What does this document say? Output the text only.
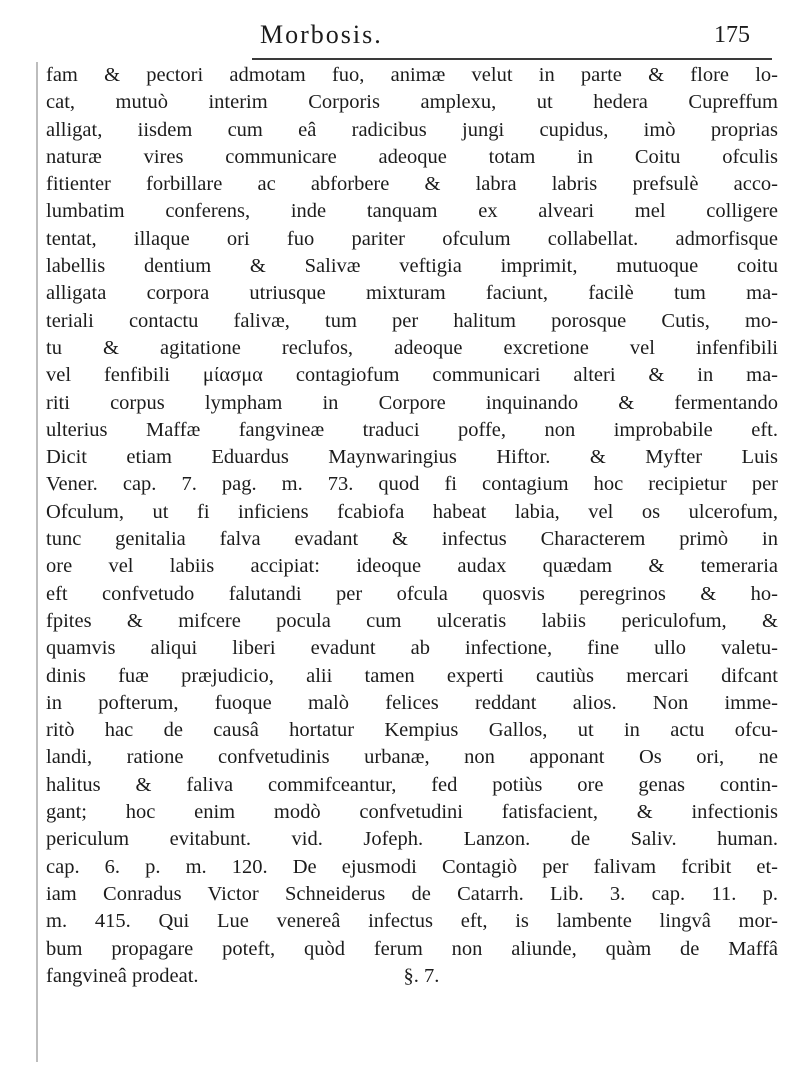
Morbosis.	175
fam & pectori admotam fuo, animæ velut in parte & flore lo-
cat, mutuò interim Corporis amplexu, ut hedera Cupreffum
alligat, iisdem cum eâ radicibus jungi cupidus, imò proprias
naturæ vires communicare adeoque totam in Coitu ofculis
fitienter forbillare ac abforbere & labra labris prefsulè acco-
lumbatim conferens, inde tanquam ex alveari mel colligere
tentat, illaque ori fuo pariter ofculum collabellat. admorfisque
labellis dentium & Salivæ veftigia imprimit, mutuoque coitu
alligata corpora utriusque mixturam faciunt, facilè tum ma-
teriali contactu falivæ, tum per halitum porosque Cutis, mo-
tu & agitatione reclufos, adeoque excretione vel infenfibili
vel fenfibili μίασμα contagiofum communicari alteri & in ma-
riti corpus lympham in Corpore inquinando & fermentando
ulterius Maffæ fangvineæ traduci poffe, non improbabile eft.
Dicit etiam Eduardus Maynwaringius Hiftor. & Myfter Luis
Vener. cap. 7. pag. m. 73. quod fi contagium hoc recipietur per
Ofculum, ut fi inficiens fcabiofa habeat labia, vel os ulcerofum,
tunc genitalia falva evadant & infectus Characterem primò in
ore vel labiis accipiat: ideoque audax quædam & temeraria
eft confvetudo falutandi per ofcula quosvis peregrinos & ho-
fpites & mifcere pocula cum ulceratis labiis periculofum, &
quamvis aliqui liberi evadunt ab infectione, fine ullo valetu-
dinis fuæ præjudicio, alii tamen experti cautiùs mercari difcant
in pofterum, fuoque malò felices reddant alios. Non imme-
ritò hac de causâ hortatur Kempius Gallos, ut in actu ofcu-
landi, ratione confvetudinis urbanæ, non apponant Os ori, ne
halitus & faliva commifceantur, fed potiùs ore genas contin-
gant; hoc enim modò confvetudini fatisfacient, & infectionis
periculum evitabunt. vid. Jofeph. Lanzon. de Saliv. human.
cap. 6. p. m. 120. De ejusmodi Contagiò per falivam fcribit et-
iam Conradus Victor Schneiderus de Catarrh. Lib. 3. cap. 11. p.
m. 415. Qui Lue venereâ infectus eft, is lambente lingvâ mor-
bum propagare poteft, quòd ferum non aliunde, quàm de Maffâ
fangvineâ prodeat.                                        §. 7.
